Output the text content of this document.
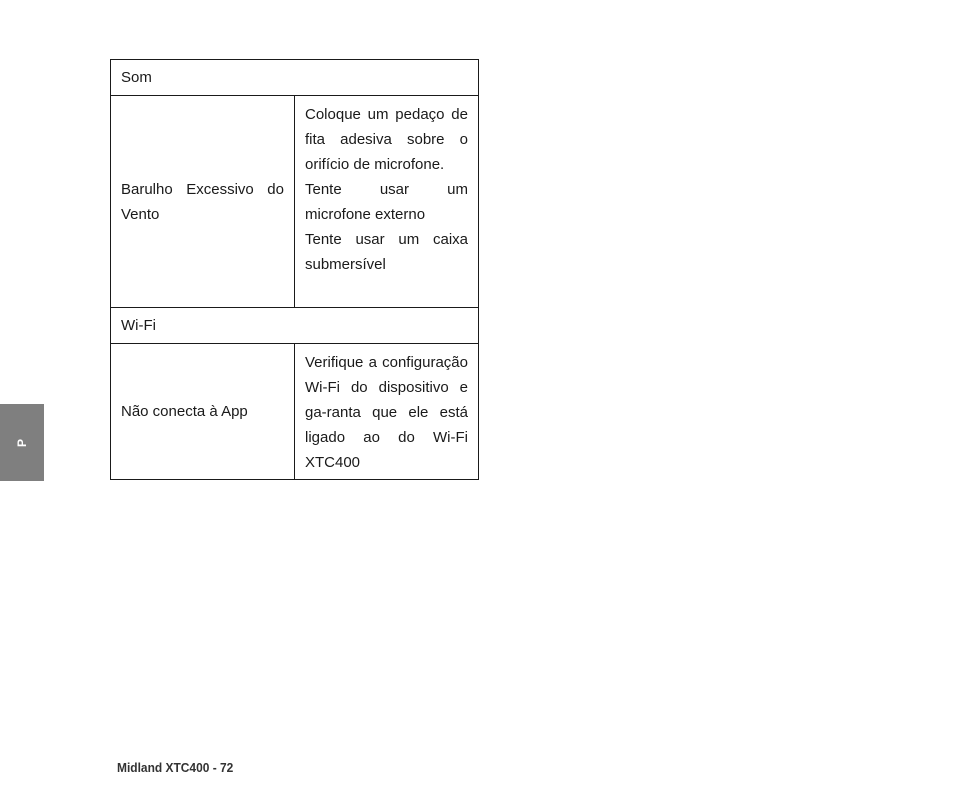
P
Som	
Barulho Excessivo do Vento	Coloque um pedaço de fita adesiva sobre o orifício de microfone.
Tente usar um microfone externo
Tente usar um caixa submersível

Wi-Fi	
Não conecta à App	Verifique a configuração Wi-Fi do dispositivo e ga-ranta que ele está ligado ao do Wi-Fi XTC400
Midland XTC400 - 72
